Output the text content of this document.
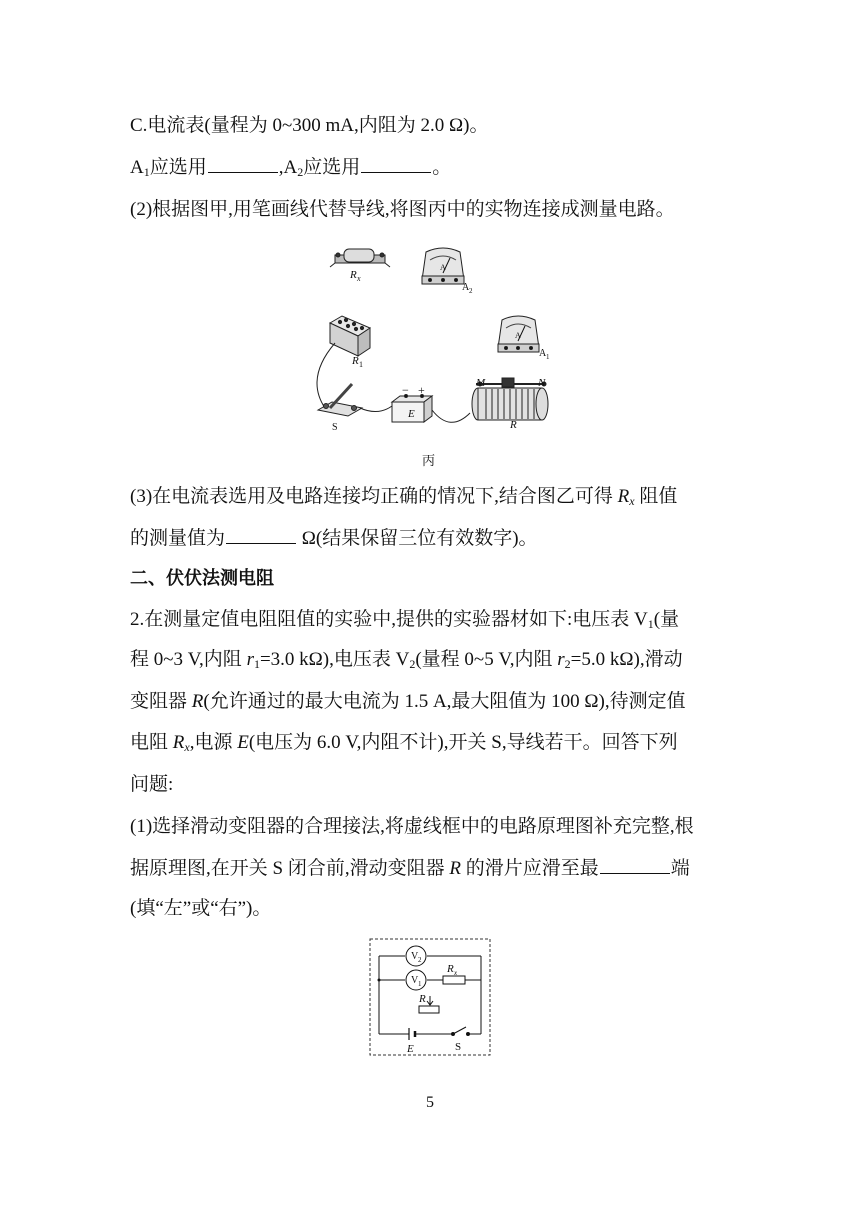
C.电流表(量程为 0~300 mA,内阻为 2.0 Ω)。
$A_1$应选用	$,A_2$应选用	。
(2)根据图甲,用笔画线代替导线,将图丙中的实物连接成测量电路。
R x
R 1
E
M	N
R
A 2
A 1
A
A
S
− +
丙
(3)在电流表选用及电路连接均正确的情况下,结合图乙可得 $R_x$ 阻值
的测量值为	Ω(结果保留三位有效数字)。
二、伏伏法测电阻
2.在测量定值电阻阻值的实验中,提供的实验器材如下:电压表 $V_1$(量
程 0~3 V,内阻 $r_1=3.0$ kΩ),电压表 $V_2$(量程 0~5 V,内阻 $r_2=5.0$ kΩ),滑动
变阻器 R(允许通过的最大电流为 1.5 A,最大阻值为 100 Ω),待测定值
电阻 $R_x$,电源 E(电压为 6.0 V,内阻不计),开关 S,导线若干。回答下列
问题:
(1)选择滑动变阻器的合理接法,将虚线框中的电路原理图补充完整,根
据原理图,在开关 S 闭合前,滑动变阻器 R 的滑片应滑至最	端
(填“左”或“右”)。
V 2
V 1
R x
R
E	S
5
